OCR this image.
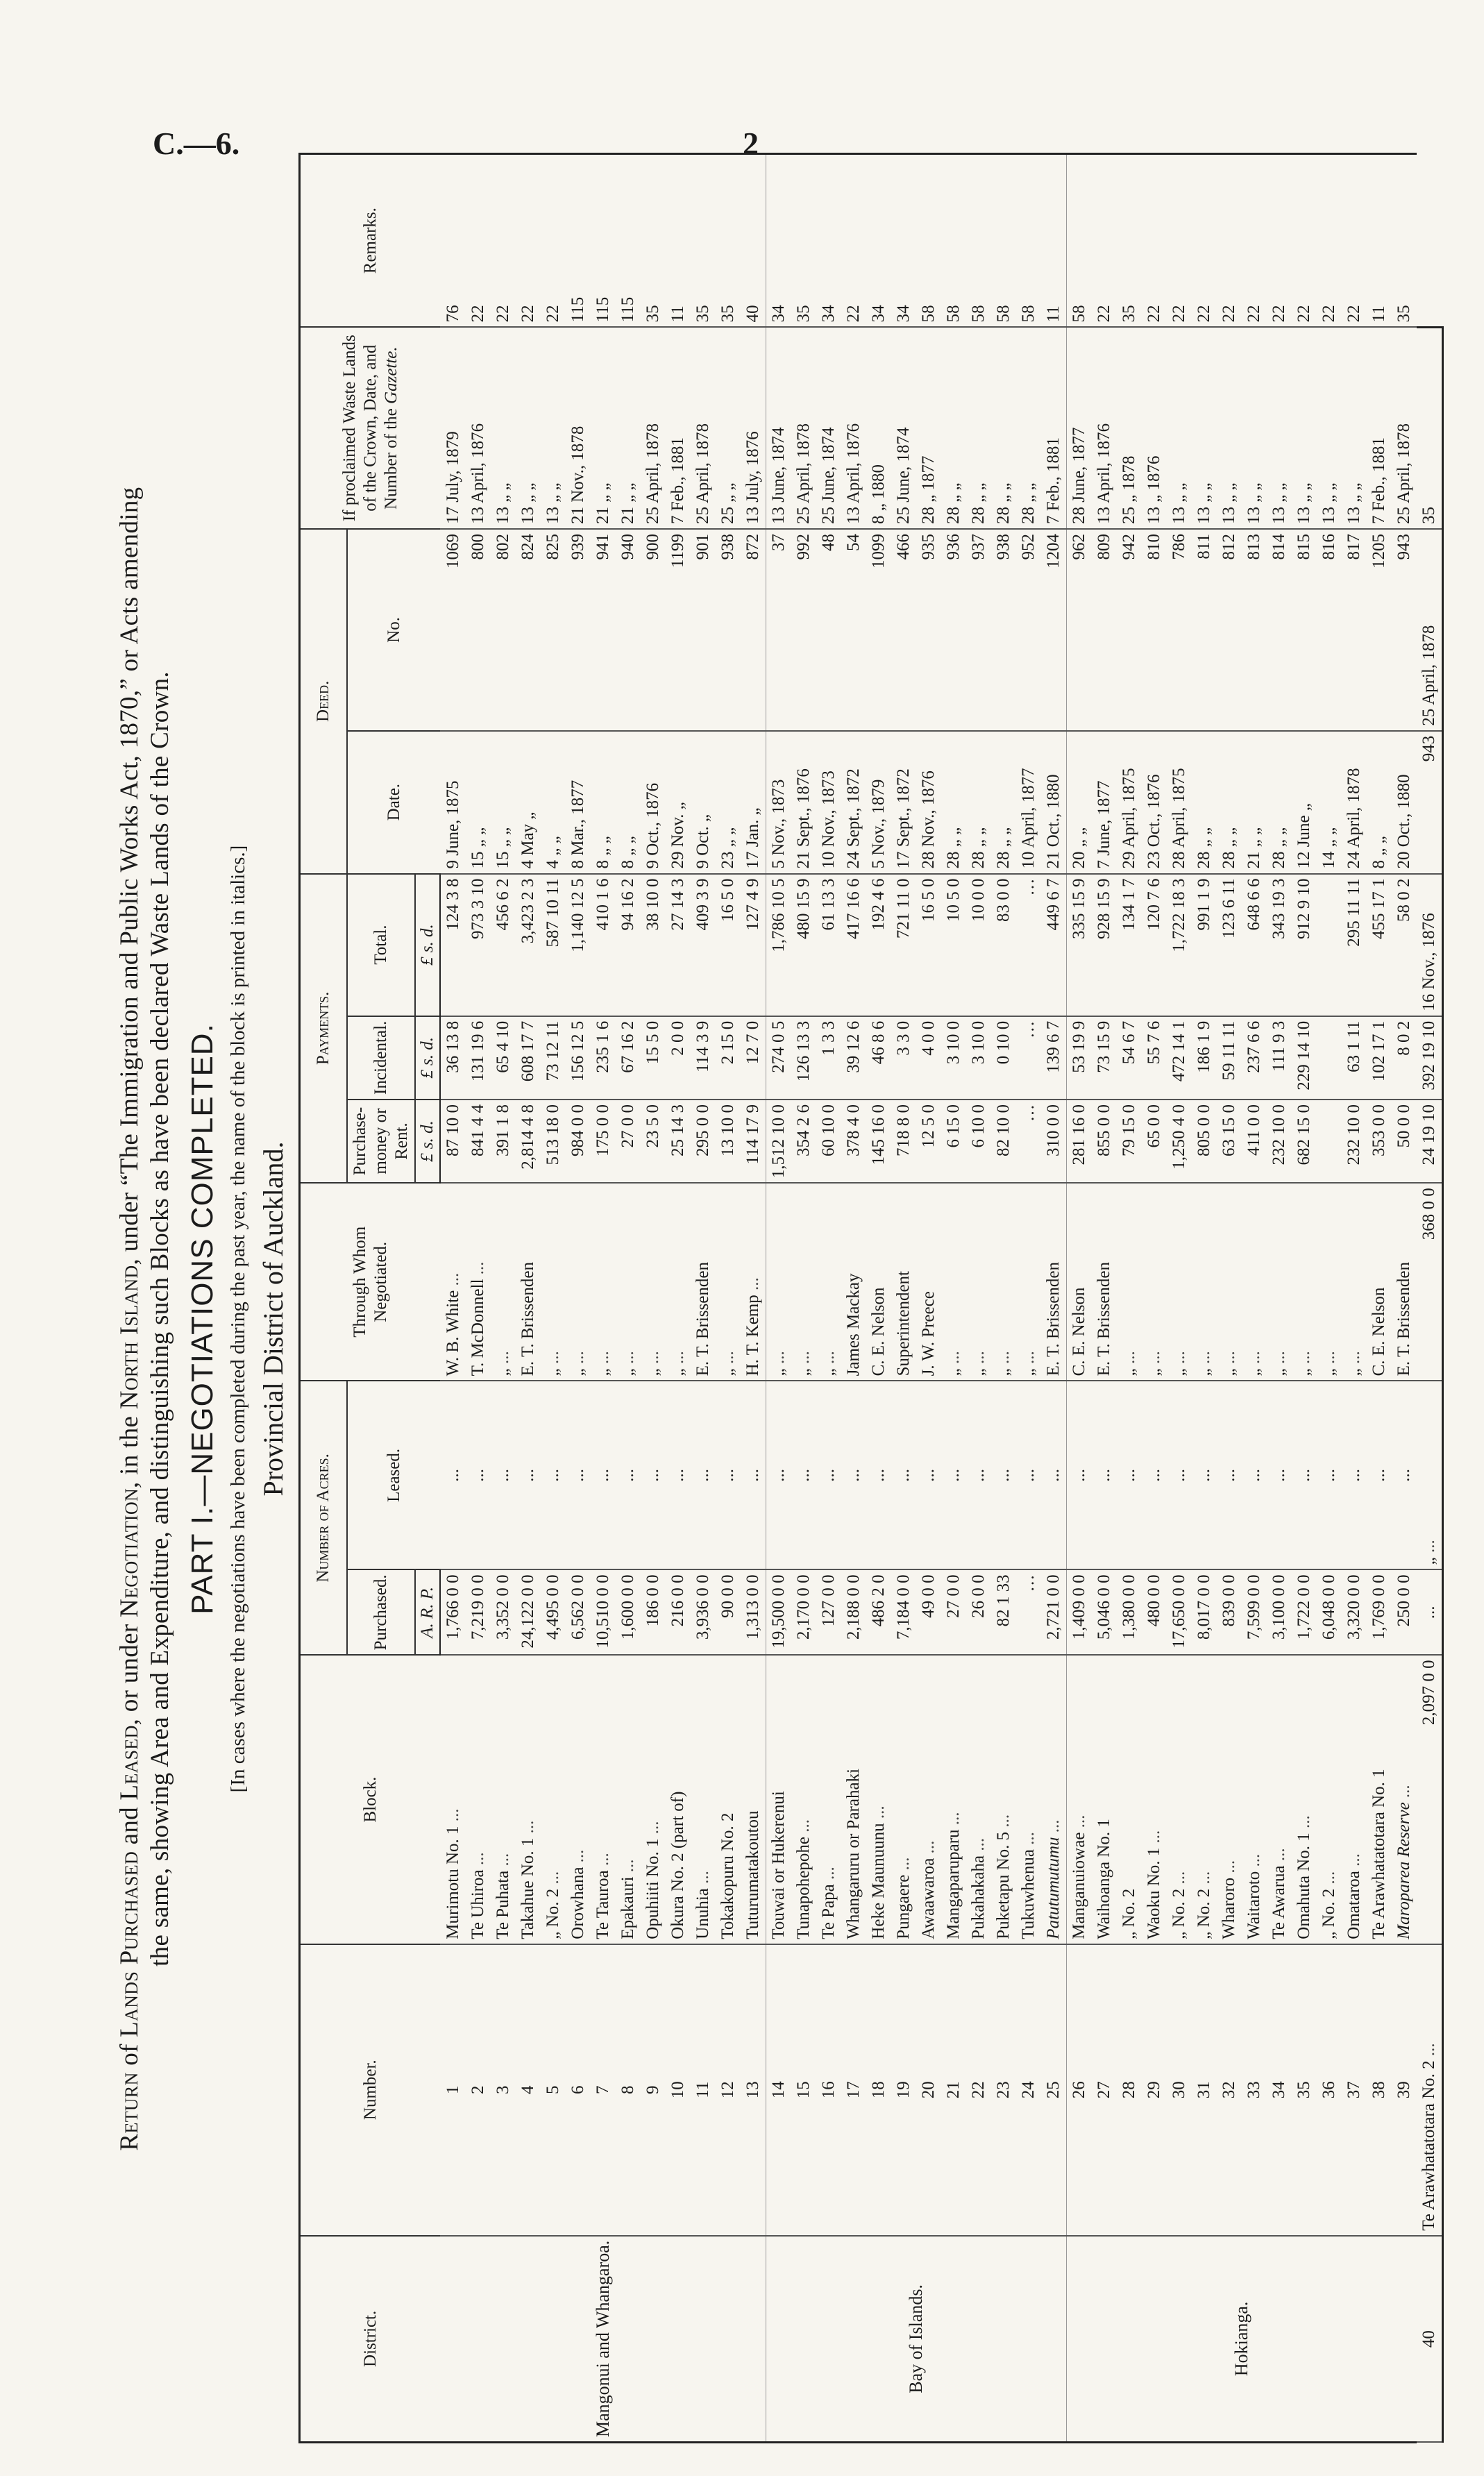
C.—6.	2
Return of Lands Purchased and Leased, or under Negotiation, in the North Island, under “The Immigration and Public Works Act, 1870,” or Acts amending the same, showing Area and Expenditure, and distinguishing such Blocks as have been declared Waste Lands of the Crown. PART I.—NEGOTIATIONS COMPLETED. [In cases where the negotiations have been completed during the past year, the name of the block is printed in italics.] Provincial District of Auckland.
District.	Number.	Block.	Number of Acres.		Through Whom Negotiated.	Payments.			Deed.		If proclaimed Waste Lands of the Crown, Date, and Number of the Gazette.	Remarks.
			Purchased.	Leased.		Purchase-money or Rent.	Incidental.	Total.	Date.	No.		
			A. R. P.			£ s. d.	£ s. d.	£ s. d.				
Mangonui and Whangaroa.	1	Murimotu No. 1 ...	1,766 0 0	...	W. B. White ...	87 10 0	36 13 8	124 3 8	9 June, 1875	1069	17 July, 1879	76
	2	Te Uhiroa ...	7,219 0 0	...	T. McDonnell ...	841 4 4	131 19 6	973 3 10	15 „ „	800	13 April, 1876	22
	3	Te Puhata ...	3,352 0 0	...	„ ...	391 1 8	65 4 10	456 6 2	15 „ „	802	13 „ „	22
	4	Takahue No. 1 ...	24,122 0 0	...	E. T. Brissenden	2,814 4 8	608 17 7	3,423 2 3	4 May „	824	13 „ „	22
	5	„ No. 2 ...	4,495 0 0	...	„ ...	513 18 0	73 12 11	587 10 11	4 „ „	825	13 „ „	22
	6	Orowhana ...	6,562 0 0	...	„ ...	984 0 0	156 12 5	1,140 12 5	8 Mar., 1877	939	21 Nov., 1878	115
	7	Te Tauroa ...	10,510 0 0	...	„ ...	175 0 0	235 1 6	410 1 6	8 „ „	941	21 „ „	115
	8	Epakauri ...	1,600 0 0	...	„ ...	27 0 0	67 16 2	94 16 2	8 „ „	940	21 „ „	115
	9	Opuhiiti No. 1 ...	186 0 0	...	„ ...	23 5 0	15 5 0	38 10 0	9 Oct., 1876	900	25 April, 1878	35
	10	Okura No. 2 (part of)	216 0 0	...	„ ...	25 14 3	2 0 0	27 14 3	29 Nov. „	1199	7 Feb., 1881	11
	11	Unuhia ...	3,936 0 0	...	E. T. Brissenden	295 0 0	114 3 9	409 3 9	9 Oct. „	901	25 April, 1878	35
	12	Tokakopuru No. 2	90 0 0	...	„ ...	13 10 0	2 15 0	16 5 0	23 „ „	938	25 „ „	35
	13	Tuturumatakoutou	1,313 0 0	...	H. T. Kemp ...	114 17 9	12 7 0	127 4 9	17 Jan. „	872	13 July, 1876	40
Bay of Islands.	14	Touwai or Hukerenui	19,500 0 0	...	„ ...	1,512 10 0	274 0 5	1,786 10 5	5 Nov., 1873	37	13 June, 1874	34
	15	Tunapohepohe ...	2,170 0 0	...	„ ...	354 2 6	126 13 3	480 15 9	21 Sept., 1876	992	25 April, 1878	35
	16	Te Papa ...	127 0 0	...	„ ...	60 10 0	1 3 3	61 13 3	10 Nov., 1873	48	25 June, 1874	34
	17	Whangaruru or Parahaki	2,188 0 0	...	James Mackay	378 4 0	39 12 6	417 16 6	24 Sept., 1872	54	13 April, 1876	22
	18	Heke Maunuunu ...	486 2 0	...	C. E. Nelson	145 16 0	46 8 6	192 4 6	5 Nov., 1879	1099	8 „ 1880	34
	19	Pungaere ...	7,184 0 0	...	Superintendent	718 8 0	3 3 0	721 11 0	17 Sept., 1872	466	25 June, 1874	34
	20	Awaawaroa ...	49 0 0	...	J. W. Preece	12 5 0	4 0 0	16 5 0	28 Nov., 1876	935	28 „ 1877	58
	21	Mangaparuparu ...	27 0 0	...	„ ...	6 15 0	3 10 0	10 5 0	28 „ „	936	28 „ „	58
	22	Pukahakaha ...	26 0 0	...	„ ...	6 10 0	3 10 0	10 0 0	28 „ „	937	28 „ „	58
	23	Puketapu No. 5 ...	82 1 33	...	„ ...	82 10 0	0 10 0	83 0 0	28 „ „	938	28 „ „	58
	24	Tukuwhenua ...	…	...	„ ...	…	…	…	10 April, 1877	952	28 „ „	58
	25	Patutumutumu ...	2,721 0 0	...	E. T. Brissenden	310 0 0	139 6 7	449 6 7	21 Oct., 1880	1204	7 Feb., 1881	11
Hokianga.	26	Manganuiowae ...	1,409 0 0	...	C. E. Nelson	281 16 0	53 19 9	335 15 9	20 „ „	962	28 June, 1877	58
	27	Waihoanga No. 1	5,046 0 0	...	E. T. Brissenden	855 0 0	73 15 9	928 15 9	7 June, 1877	809	13 April, 1876	22
	28	„ No. 2	1,380 0 0	...	„ ...	79 15 0	54 6 7	134 1 7	29 April, 1875	942	25 „ 1878	35
	29	Waoku No. 1 ...	480 0 0	...	„ ...	65 0 0	55 7 6	120 7 6	23 Oct., 1876	810	13 „ 1876	22
	30	„ No. 2 ...	17,650 0 0	...	„ ...	1,250 4 0	472 14 1	1,722 18 3	28 April, 1875	786	13 „ „	22
	31	„ No. 2 ...	8,017 0 0	...	„ ...	805 0 0	186 1 9	991 1 9	28 „ „	811	13 „ „	22
	32	Wharoro ...	839 0 0	...	„ ...	63 15 0	59 11 11	123 6 11	28 „ „	812	13 „ „	22
	33	Waitaroto ...	7,599 0 0	...	„ ...	411 0 0	237 6 6	648 6 6	21 „ „	813	13 „ „	22
	34	Te Awarua ...	3,100 0 0	...	„ ...	232 10 0	111 9 3	343 19 3	28 „ „	814	13 „ „	22
	35	Omahuta No. 1 ...	1,722 0 0	...	„ ...	682 15 0	229 14 10	912 9 10	12 June „	815	13 „ „	22
	36	„ No. 2 ...	6,048 0 0	...	„ ...				14 „ „	816	13 „ „	22
	37	Omataroa ...	3,320 0 0	...	„ ...	232 10 0	63 1 11	295 11 11	24 April, 1878	817	13 „ „	22
	38	Te Arawhatatotara No. 1	1,769 0 0	...	C. E. Nelson	353 0 0	102 17 1	455 17 1	8 „ „	1205	7 Feb., 1881	11
	39	Maroparea Reserve ...	250 0 0	...	E. T. Brissenden	50 0 0	8 0 2	58 0 2	20 Oct., 1880	943	25 April, 1878	35
40	Te Arawhatatotara No. 2 ...	2,097 0 0	...	„ ...	368 0 0	24 19 10	392 19 10	16 Nov., 1876	943	25 April, 1878	35	
